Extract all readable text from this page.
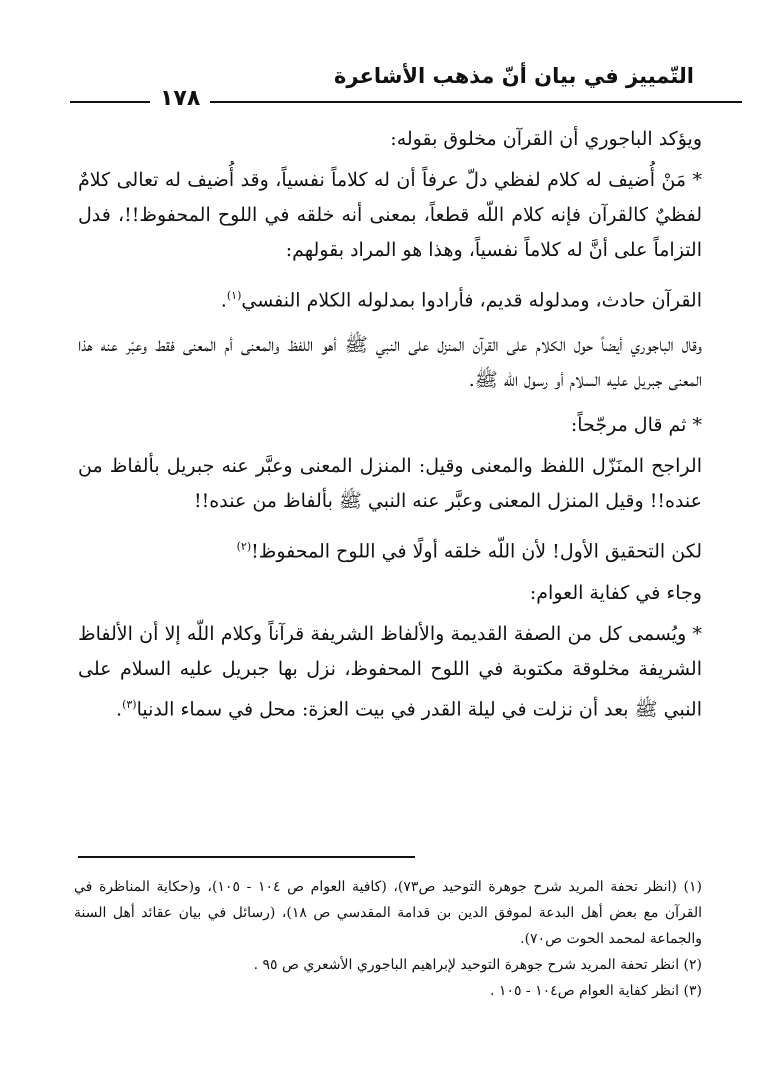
التّمييز في بيان أنّ مذهب الأشاعرة
١٧٨

ويؤكد الباجوري أن القرآن مخلوق بقوله:

* مَنْ أُضيف له كلام لفظي دلّ عرفاً أن له كلاماً نفسياً، وقد أُضيف له تعالى كلامٌ لفظيٌ كالقرآن فإنه كلام اللّه قطعاً، بمعنى أنه خلقه في اللوح المحفوظ!!، فدل التزاماً على أنَّ له كلاماً نفسياً، وهذا هو المراد بقولهم:

القرآن حادث، ومدلوله قديم، فأرادوا بمدلوله الكلام النفسي$^{(١)}$.

وقال الباجوري أيضاً حول الكلام على القرآن المنزل على النبي ﷺ أهو اللفظ والمعنى أم المعنى فقط وعبّر عنه هذا المعنى جبريل عليه السلام أو رسول اللّه ﷺ.

* ثم قال مرجّحاً:

الراجح المنَزّل اللفظ والمعنى وقيل: المنزل المعنى وعبَّر عنه جبريل بألفاظ من عنده!! وقيل المنزل المعنى وعبَّر عنه النبي ﷺ بألفاظ من عنده!!

لكن التحقيق الأول! لأن اللّه خلقه أولًا في اللوح المحفوظ!$^{(٢)}$

وجاء في كفاية العوام:

* ويُسمى كل من الصفة القديمة والألفاظ الشريفة قرآناً وكلام اللّه إلا أن الألفاظ الشريفة مخلوقة مكتوبة في اللوح المحفوظ، نزل بها جبريل عليه السلام على النبي ﷺ بعد أن نزلت في ليلة القدر في بيت العزة: محل في سماء الدنيا$^{(٣)}$.

(١) (انظر تحفة المريد شرح جوهرة التوحيد ص٧٣)، (كافية العوام ص ١٠٤ - ١٠٥)، و(حكاية المناظرة في القرآن مع بعض أهل البدعة لموفق الدين بن قدامة المقدسي ص ١٨)، (رسائل في بيان عقائد أهل السنة والجماعة لمحمد الحوت ص٧٠).

(٢) انظر تحفة المريد شرح جوهرة التوحيد لإبراهيم الباجوري الأشعري ص ٩٥ .

(٣) انظر كفاية العوام ص١٠٤ - ١٠٥ .
